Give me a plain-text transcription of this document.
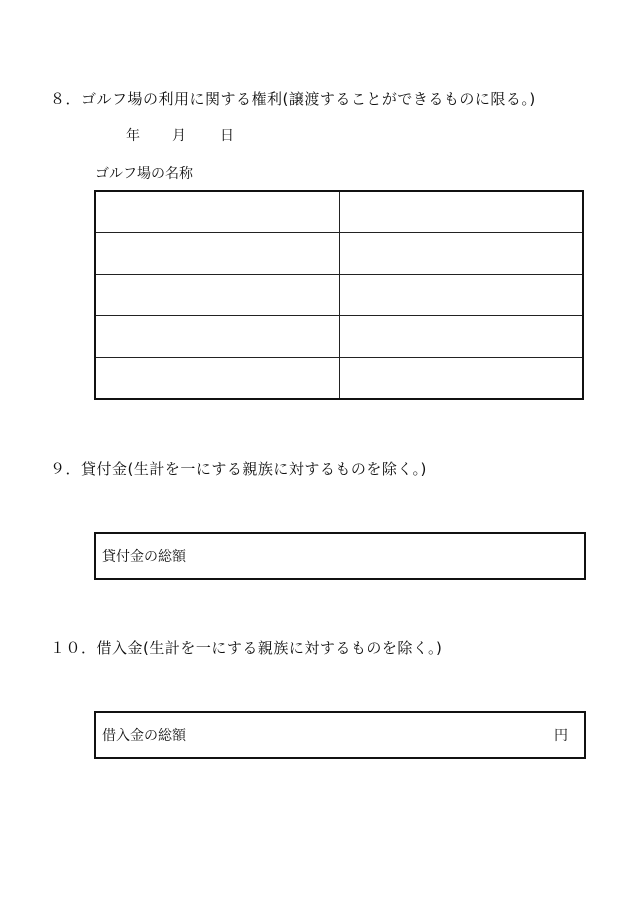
８．ゴルフ場の利用に関する権利(譲渡することができるものに限る。)
年 月 日
ゴルフ場の名称

９．貸付金(生計を一にする親族に対するものを除く。)
貸付金の総額
１０．借入金(生計を一にする親族に対するものを除く。)
借入金の総額	円
